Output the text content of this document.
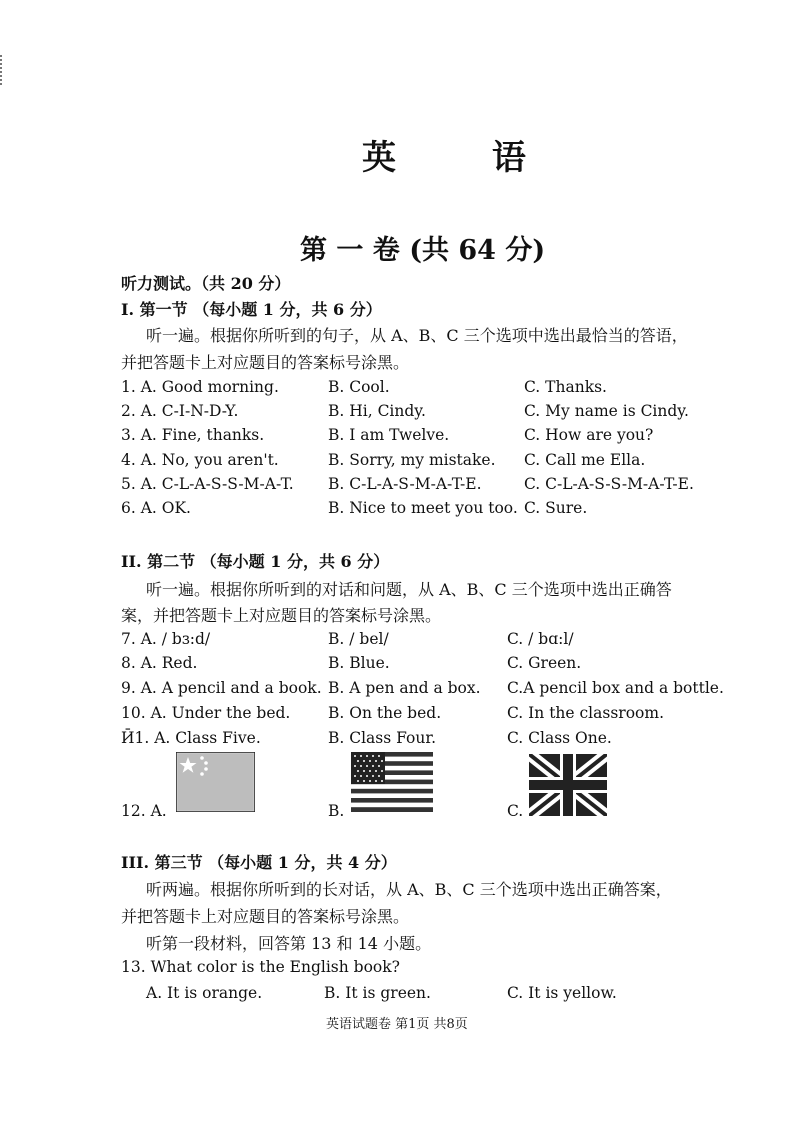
英 语
第 一 卷 (共 64 分)
听力测试。（共 20 分）
I. 第一节 （每小题 1 分，共 6 分）
听一遍。根据你所听到的句子，从 A、B、C 三个选项中选出最恰当的答语，
并把答题卡上对应题目的答案标号涂黑。
1. A. Good morning.	B. Cool.	C. Thanks.
2. A. C-I-N-D-Y.	B. Hi, Cindy.	C. My name is Cindy.
3. A. Fine, thanks.	B. I am Twelve.	C. How are you?
4. A. No, you aren't.	B. Sorry, my mistake. C. Call me Ella.
5. A. C-L-A-S-S-M-A-T. B. C-L-A-S-M-A-T-E.	C. C-L-A-S-S-M-A-T-E.
6. A. OK.	B. Nice to meet you too. C. Sure.
II. 第二节 （每小题 1 分，共 6 分）
听一遍。根据你所听到的对话和问题，从 A、B、C 三个选项中选出正确答
案，并把答题卡上对应题目的答案标号涂黑。
7. A. / bɜ:d/	B. / bel/	C. / bɑ:l/
8. A. Red.	B. Blue.	C. Green.
9. A. A pencil and a book. B. A pen and a box. C.A pencil box and a bottle.
10. A. Under the bed. B. On the bed.	C. In the classroom.
Ӣ1. A. Class Five.	B. Class Four.	C. Class One.
12. A.	B.	C.
III. 第三节 （每小题 1 分，共 4 分）
听两遍。根据你所听到的长对话，从 A、B、C 三个选项中选出正确答案，
并把答题卡上对应题目的答案标号涂黑。
听第一段材料，回答第 13 和 14 小题。
13. What color is the English book?
A. It is orange.	B. It is green.	C. It is yellow.
英语试题卷 第1页 共8页
